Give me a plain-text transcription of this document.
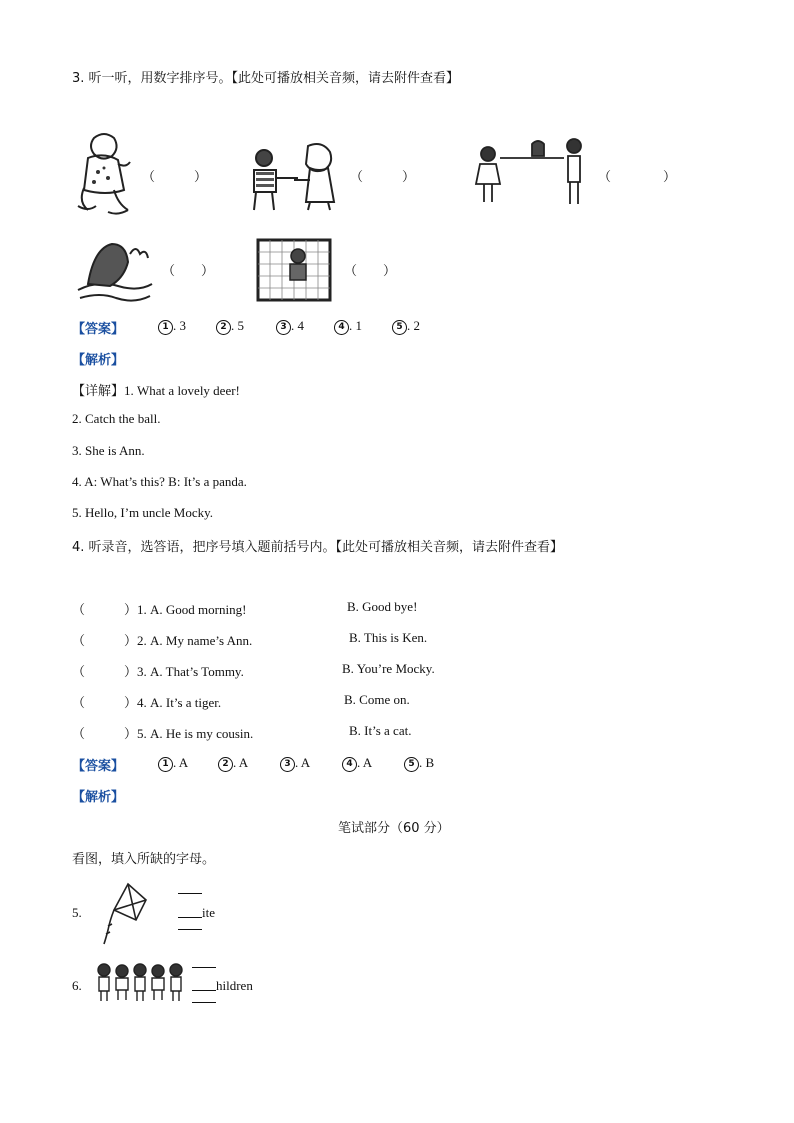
3. 听一听，用数字排序号。【此处可播放相关音频，请去附件查看】
（　　　）	（　　　）	（　　　　）
（　　）	（　　）
【答案】	1 . 3	2 . 5	3 . 4	4 . 1	5 . 2
【解析】
【详解】1. What a lovely deer!
2. Catch the ball.
3. She is Ann.
4. A: What’s this? B: It’s a panda.
5. Hello, I’m uncle Mocky.
4. 听录音，选答语，把序号填入题前括号内。【此处可播放相关音频，请去附件查看】
（　　　）1. A. Good morning!	B. Good bye!
（　　　）2. A. My name’s Ann.	B. This is Ken.
（　　　）3. A. That’s Tommy.	B. You’re Mocky.
（　　　）4. A. It’s a tiger.	B. Come on.
（　　　）5. A. He is my cousin.	B. It’s a cat.
【答案】	1 . A	2 . A	3 . A	4 . A	5 . B
【解析】
笔试部分（60 分）
看图，填入所缺的字母。
5.	ite
6.	hildren
